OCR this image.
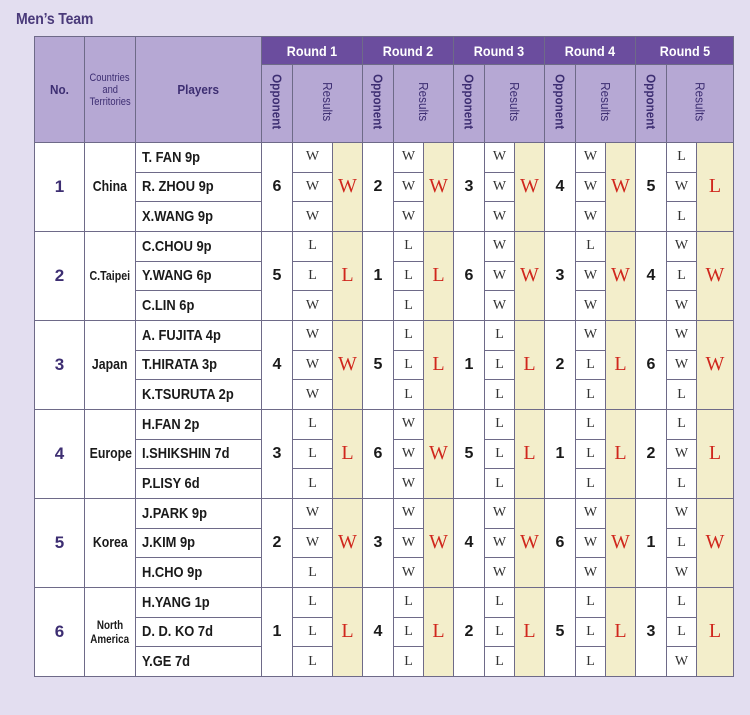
Men’s Team
No.	Countries
and
Territories	Players	Round 1			Round 2			Round 3			Round 4			Round 5		
			Opponent	Results		Opponent	Results		Opponent	Results		Opponent	Results		Opponent	Results	
1	China	T. FAN 9p	6	W	W	2	W	W	3	W	W	4	W	W	5	L	L
		R. ZHOU 9p		W			W			W			W			W	
		X.WANG 9p		W			W			W			W			L	
2	C.Taipei	C.CHOU 9p	5	L	L	1	L	L	6	W	W	3	L	W	4	W	W
		Y.WANG 6p		L			L			W			W			L	
		C.LIN 6p		W			L			W			W			W	
3	Japan	A. FUJITA 4p	4	W	W	5	L	L	1	L	L	2	W	L	6	W	W
		T.HIRATA 3p		W			L			L			L			W	
		K.TSURUTA 2p		W			L			L			L			L	
4	Europe	H.FAN 2p	3	L	L	6	W	W	5	L	L	1	L	L	2	L	L
		I.SHIKSHIN 7d		L			W			L			L			W	
		P.LISY 6d		L			W			L			L			L	
5	Korea	J.PARK 9p	2	W	W	3	W	W	4	W	W	6	W	W	1	W	W
		J.KIM 9p		W			W			W			W			L	
		H.CHO 9p		L			W			W			W			W	
6	North
America	H.YANG 1p	1	L	L	4	L	L	2	L	L	5	L	L	3	L	L
		D. D. KO 7d		L			L			L			L			L	
		Y.GE 7d		L			L			L			L			W	
